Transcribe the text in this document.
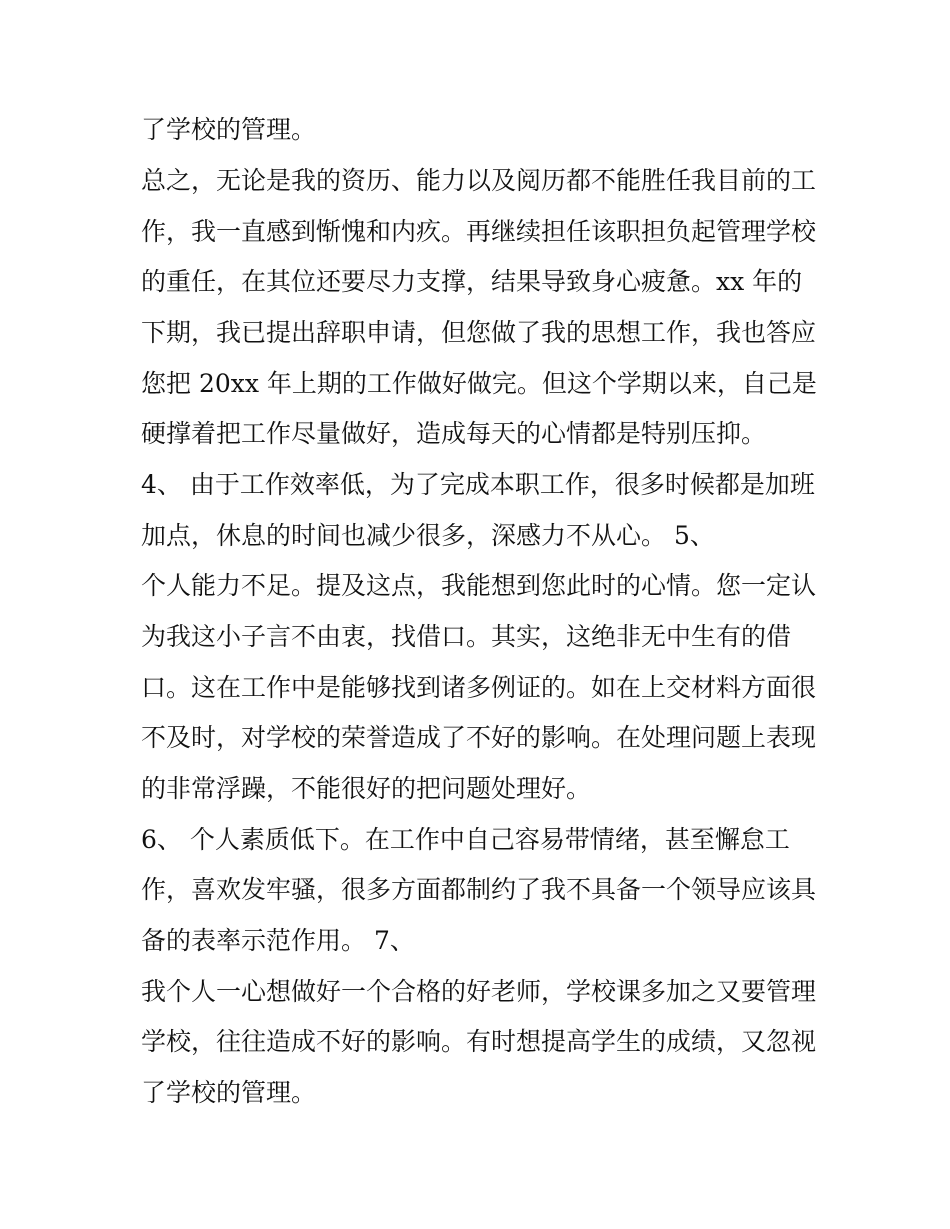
了学校的管理。

总之，无论是我的资历、能力以及阅历都不能胜任我目前的工

作，我一直感到惭愧和内疚。再继续担任该职担负起管理学校

的重任，在其位还要尽力支撑，结果导致身心疲惫。xx 年的

下期，我已提出辞职申请，但您做了我的思想工作，我也答应

您把 20xx 年上期的工作做好做完。但这个学期以来，自己是

硬撑着把工作尽量做好，造成每天的心情都是特别压抑。

4、 由于工作效率低，为了完成本职工作，很多时候都是加班

加点，休息的时间也减少很多，深感力不从心。 5、

个人能力不足。提及这点，我能想到您此时的心情。您一定认

为我这小子言不由衷，找借口。其实，这绝非无中生有的借

口。这在工作中是能够找到诸多例证的。如在上交材料方面很

不及时，对学校的荣誉造成了不好的影响。在处理问题上表现

的非常浮躁，不能很好的把问题处理好。

6、 个人素质低下。在工作中自己容易带情绪，甚至懈怠工

作，喜欢发牢骚，很多方面都制约了我不具备一个领导应该具

备的表率示范作用。 7、

我个人一心想做好一个合格的好老师，学校课多加之又要管理

学校，往往造成不好的影响。有时想提高学生的成绩，又忽视

了学校的管理。
